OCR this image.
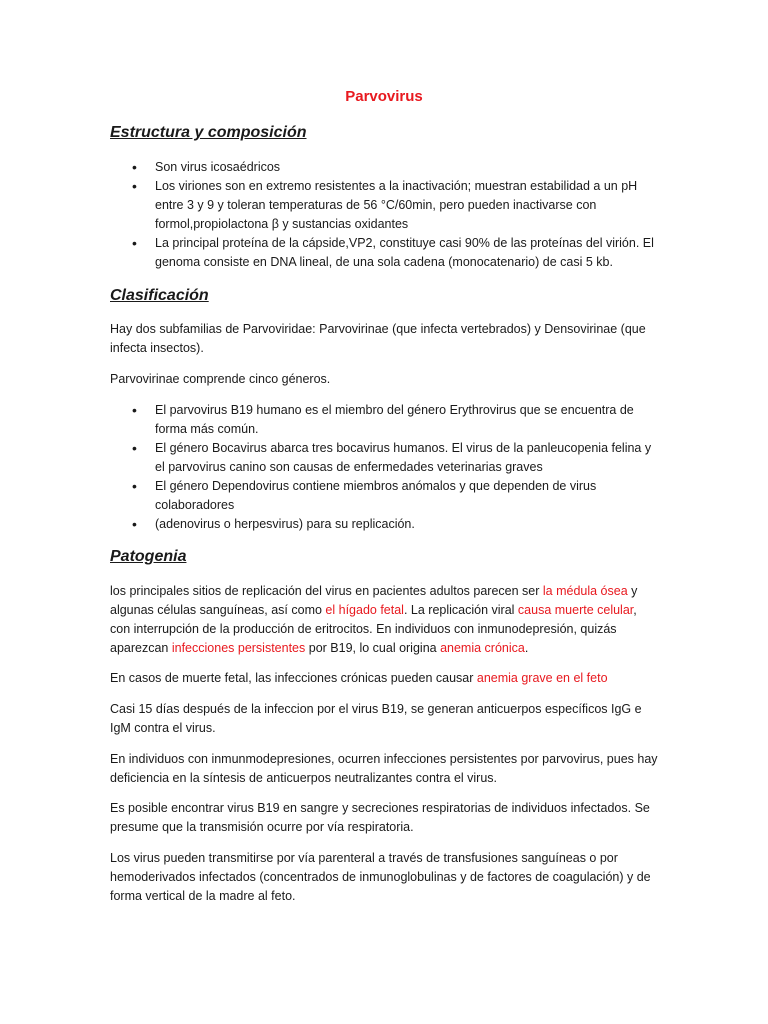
Parvovirus
Estructura y composición
• Son virus icosaédricos
• Los viriones son en extremo resistentes a la inactivación; muestran estabilidad a un pH entre 3 y 9 y toleran temperaturas de 56 °C/60min, pero pueden inactivarse con formol,propiolactona β y sustancias oxidantes
• La principal proteína de la cápside,VP2, constituye casi 90% de las proteínas del virión. El genoma consiste en DNA lineal, de una sola cadena (monocatenario) de casi 5 kb.
Clasificación
Hay dos subfamilias de Parvoviridae: Parvovirinae (que infecta vertebrados) y Densovirinae (que infecta insectos).
Parvovirinae comprende cinco géneros.
• El parvovirus B19 humano es el miembro del género Erythrovirus que se encuentra de forma más común.
• El género Bocavirus abarca tres bocavirus humanos. El virus de la panleucopenia felina y el parvovirus canino son causas de enfermedades veterinarias graves
• El género Dependovirus contiene miembros anómalos y que dependen de virus colaboradores
• (adenovirus o herpesvirus) para su replicación.
Patogenia
los principales sitios de replicación del virus en pacientes adultos parecen ser la médula ósea y algunas células sanguíneas, así como el hígado fetal. La replicación viral causa muerte celular, con interrupción de la producción de eritrocitos. En individuos con inmunodepresión, quizás aparezcan infecciones persistentes por B19, lo cual origina anemia crónica.
En casos de muerte fetal, las infecciones crónicas pueden causar anemia grave en el feto
Casi 15 días después de la infeccion por el virus B19, se generan anticuerpos específicos IgG e IgM contra el virus.
En individuos con inmunmodepresiones, ocurren infecciones persistentes por parvovirus, pues hay deficiencia en la síntesis de anticuerpos neutralizantes contra el virus.
Es posible encontrar virus B19 en sangre y secreciones respiratorias de individuos infectados. Se presume que la transmisión ocurre por vía respiratoria.
Los virus pueden transmitirse por vía parenteral a través de transfusiones sanguíneas o por hemoderivados infectados (concentrados de inmunoglobulinas y de factores de coagulación) y de forma vertical de la madre al feto.
